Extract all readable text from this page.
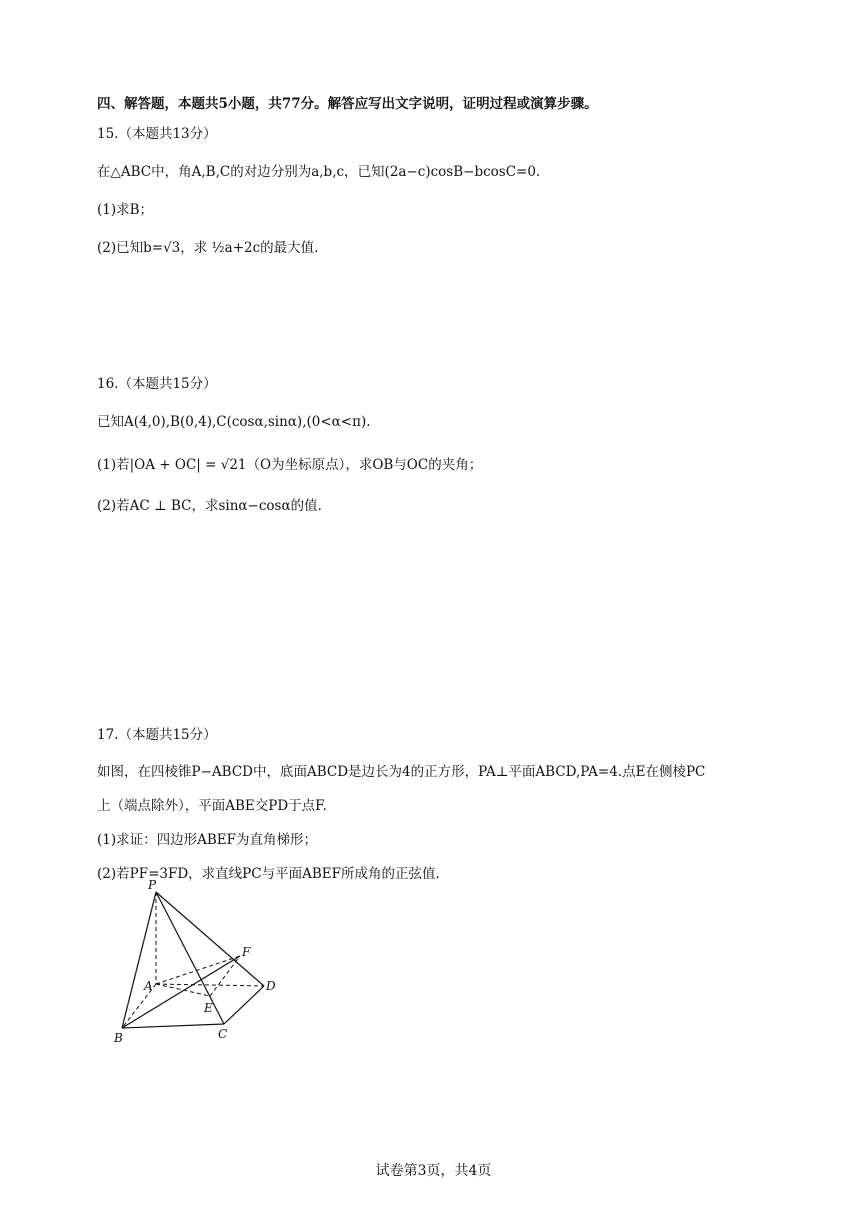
四、解答题，本题共5小题，共77分。解答应写出文字说明，证明过程或演算步骤。
15.（本题共13分）
在△ABC中，角A,B,C的对边分别为a,b,c，已知(2a−c)cosB−bcosC=0.
(1)求B；
(2)已知b=√3，求 ½a+2c的最大值.
16.（本题共15分）
已知A(4,0),B(0,4),C(cosα,sinα),(0<α<π).
(1)若|OA + OC| = √21（O为坐标原点），求OB与OC的夹角；
(2)若AC ⊥ BC，求sinα−cosα的值.
17.（本题共15分）
如图，在四棱锥P−ABCD中，底面ABCD是边长为4的正方形，PA⊥平面ABCD,PA=4.点E在侧棱PC
上（端点除外），平面ABE交PD于点F.
(1)求证：四边形ABEF为直角梯形；
(2)若PF=3FD，求直线PC与平面ABEF所成角的正弦值.
P
A
B	C
D
E
F
试卷第3页，共4页
